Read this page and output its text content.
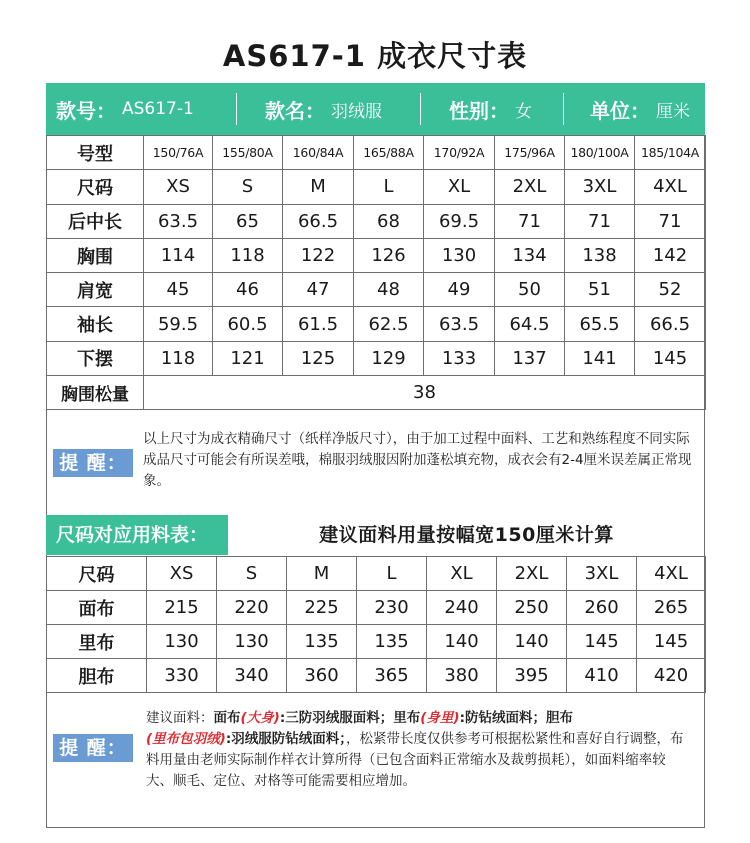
AS617-1 成衣尺寸表
款号： AS617-1	款名： 羽绒服	性别： 女	单位： 厘米
号型	150/76A	155/80A	160/84A	165/88A	170/92A	175/96A	180/100A	185/104A
尺码	XS	S	M	L	XL	2XL	3XL	4XL
后中长	63.5	65	66.5	68	69.5	71	71	71
胸围	114	118	122	126	130	134	138	142
肩宽	45	46	47	48	49	50	51	52
袖长	59.5	60.5	61.5	62.5	63.5	64.5	65.5	66.5
下摆	118	121	125	129	133	137	141	145
胸围松量	38							
提 醒：
以上尺寸为成衣精确尺寸（纸样净版尺寸），由于加工过程中面料、工艺和熟练程度不同实际成品尺寸可能会有所误差哦，棉服羽绒服因附加蓬松填充物，成衣会有2-4厘米误差属正常现象。
尺码对应用料表：	建议面料用量按幅宽150厘米计算
尺码	XS	S	M	L	XL	2XL	3XL	4XL
面布	215	220	225	230	240	250	260	265
里布	130	130	135	135	140	140	145	145
胆布	330	340	360	365	380	395	410	420
提 醒：
建议面料：面布(大身):三防羽绒服面料；里布(身里):防钻绒面料；胆布
(里布包羽绒):羽绒服防钻绒面料；，松紧带长度仅供参考可根据松紧性和喜好自行调整，布料用量由老师实际制作样衣计算所得（已包含面料正常缩水及裁剪损耗），如面料缩率较大、顺毛、定位、对格等可能需要相应增加。
